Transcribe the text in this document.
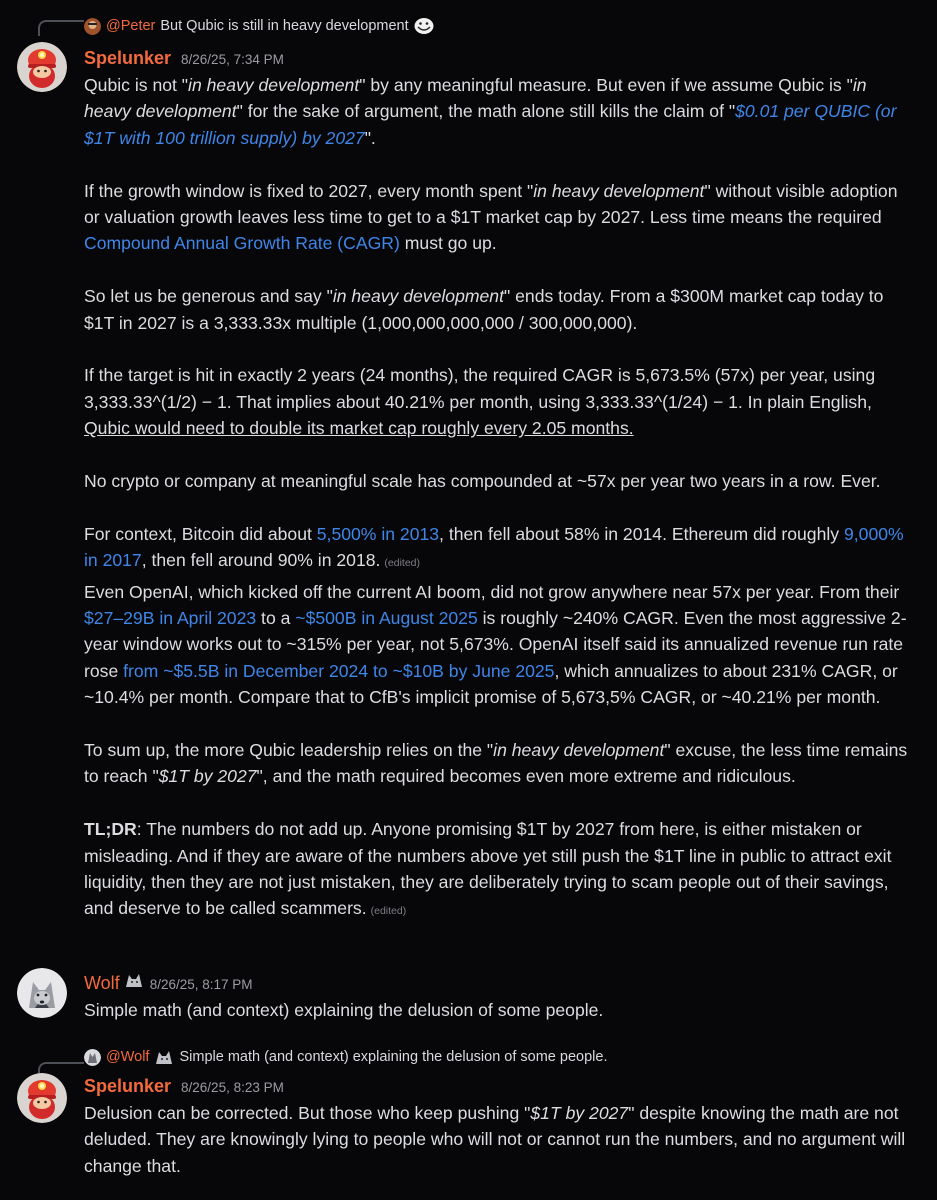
@Peter But Qubic is still in heavy development
Spelunker 8/26/25, 7:34 PM

Qubic is not "in heavy development" by any meaningful measure. But even if we assume Qubic is "in heavy development" for the sake of argument, the math alone still kills the claim of "$0.01 per QUBIC (or $1T with 100 trillion supply) by 2027".

If the growth window is fixed to 2027, every month spent "in heavy development" without visible adoption or valuation growth leaves less time to get to a $1T market cap by 2027. Less time means the required Compound Annual Growth Rate (CAGR) must go up.

So let us be generous and say "in heavy development" ends today. From a $300M market cap today to $1T in 2027 is a 3,333.33x multiple (1,000,000,000,000 / 300,000,000).

If the target is hit in exactly 2 years (24 months), the required CAGR is 5,673.5% (57x) per year, using 3,333.33^(1/2) − 1. That implies about 40.21% per month, using 3,333.33^(1/24) − 1. In plain English, Qubic would need to double its market cap roughly every 2.05 months.

No crypto or company at meaningful scale has compounded at ~57x per year two years in a row. Ever.

For context, Bitcoin did about 5,500% in 2013, then fell about 58% in 2014. Ethereum did roughly 9,000% in 2017, then fell around 90% in 2018. (edited)

Even OpenAI, which kicked off the current AI boom, did not grow anywhere near 57x per year. From their $27–29B in April 2023 to a ~$500B in August 2025 is roughly ~240% CAGR. Even the most aggressive 2-year window works out to ~315% per year, not 5,673%. OpenAI itself said its annualized revenue run rate rose from ~$5.5B in December 2024 to ~$10B by June 2025, which annualizes to about 231% CAGR, or ~10.4% per month. Compare that to CfB's implicit promise of 5,673,5% CAGR, or ~40.21% per month.

To sum up, the more Qubic leadership relies on the "in heavy development" excuse, the less time remains to reach "$1T by 2027", and the math required becomes even more extreme and ridiculous.

TL;DR: The numbers do not add up. Anyone promising $1T by 2027 from here, is either mistaken or misleading. And if they are aware of the numbers above yet still push the $1T line in public to attract exit liquidity, then they are not just mistaken, they are deliberately trying to scam people out of their savings, and deserve to be called scammers. (edited)

Wolf 8/26/25, 8:17 PM

Simple math (and context) explaining the delusion of some people.

@Wolf Simple math (and context) explaining the delusion of some people.
Spelunker 8/26/25, 8:23 PM

Delusion can be corrected. But those who keep pushing "$1T by 2027" despite knowing the math are not deluded. They are knowingly lying to people who will not or cannot run the numbers, and no argument will change that.
